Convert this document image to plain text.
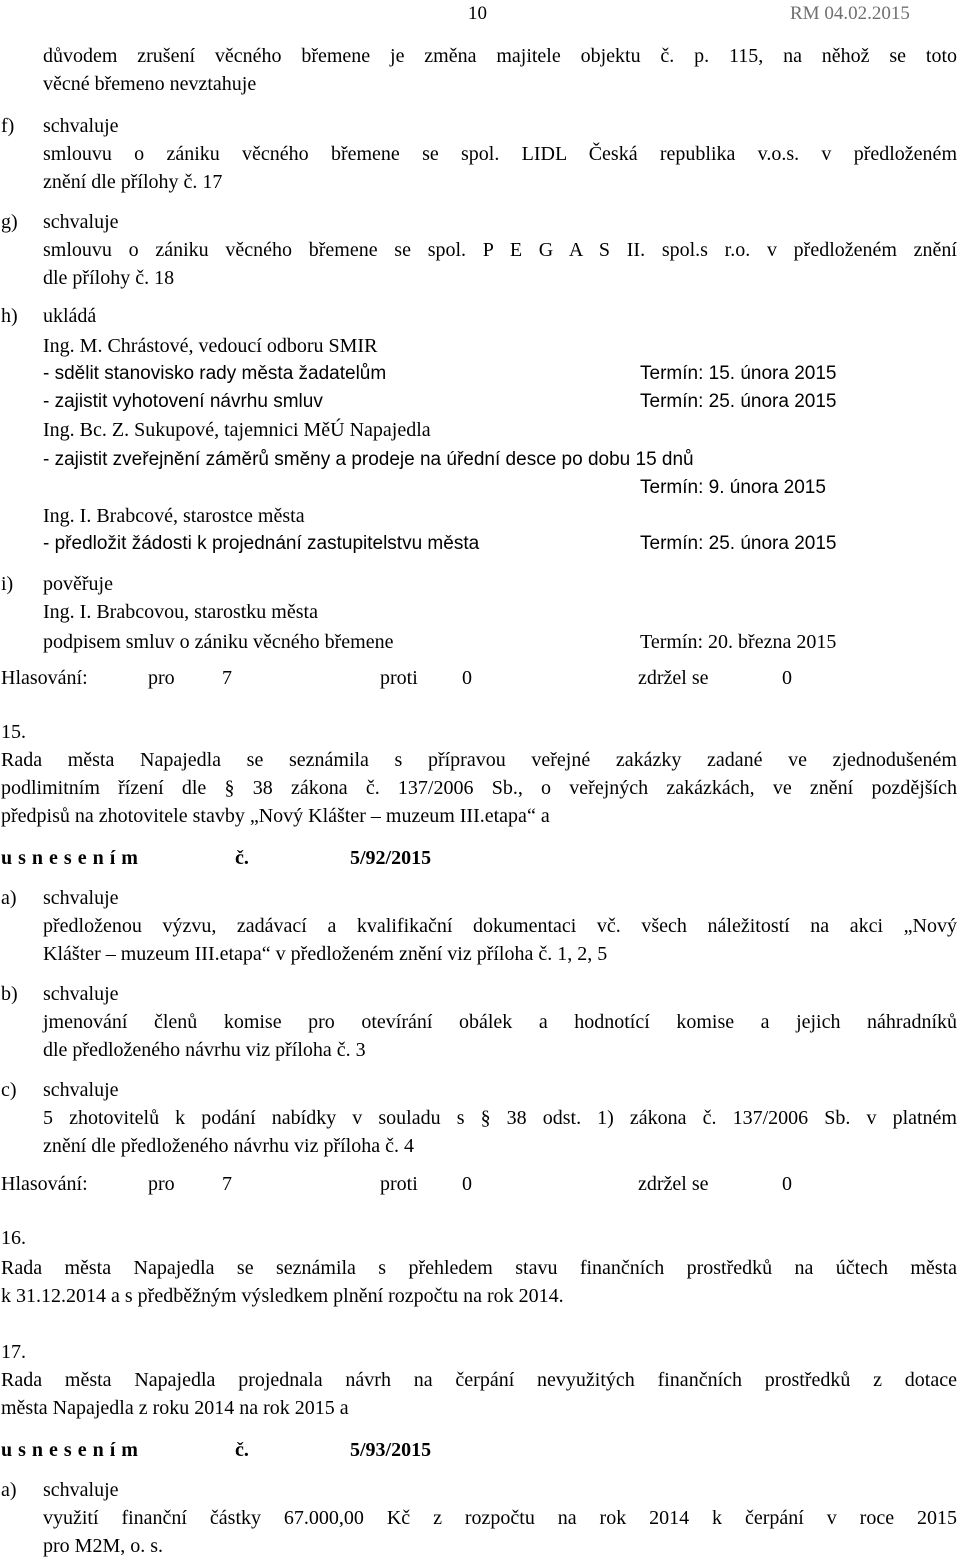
10	RM 04.02.2015
důvodem zrušení věcného břemene je změna majitele objektu č. p. 115, na něhož se toto
věcné břemeno nevztahuje
f) schvaluje
smlouvu o zániku věcného břemene se spol. LIDL Česká republika v.o.s. v předloženém
znění dle přílohy č. 17
g) schvaluje
smlouvu o zániku věcného břemene se spol. P E G A S II. spol.s r.o. v předloženém znění
dle přílohy č. 18
h) ukládá
Ing. M. Chrástové, vedoucí odboru SMIR
- sdělit stanovisko rady města žadatelům	Termín: 15. února 2015
- zajistit vyhotovení návrhu smluv	Termín: 25. února 2015
Ing. Bc. Z. Sukupové, tajemnici MěÚ Napajedla
- zajistit zveřejnění záměrů směny a prodeje na úřední desce po dobu 15 dnů
Termín: 9. února 2015
Ing. I. Brabcové, starostce města
- předložit žádosti k projednání zastupitelstvu města	Termín: 25. února 2015
i) pověřuje
Ing. I. Brabcovou, starostku města
podpisem smluv o zániku věcného břemene	Termín: 20. března 2015
Hlasování:	pro 7	proti 0	zdržel se	0
15.
Rada města Napajedla se seznámila s přípravou veřejné zakázky zadané ve zjednodušeném
podlimitním řízení dle § 38 zákona č. 137/2006 Sb., o veřejných zakázkách, ve znění pozdějších
předpisů na zhotovitele stavby „Nový Klášter – muzeum III.etapa“ a
usnesením	č.	5/92/2015
a) schvaluje
předloženou výzvu, zadávací a kvalifikační dokumentaci vč. všech náležitostí na akci „Nový
Klášter – muzeum III.etapa“ v předloženém znění viz příloha č. 1, 2, 5
b) schvaluje
jmenování členů komise pro otevírání obálek a hodnotící komise a jejich náhradníků
dle předloženého návrhu viz příloha č. 3
c) schvaluje
5 zhotovitelů k podání nabídky v souladu s § 38 odst. 1) zákona č. 137/2006 Sb. v platném
znění dle předloženého návrhu viz příloha č. 4
Hlasování:	pro 7	proti 0	zdržel se	0
16.
Rada města Napajedla se seznámila s přehledem stavu finančních prostředků na účtech města
k 31.12.2014 a s předběžným výsledkem plnění rozpočtu na rok 2014.
17.
Rada města Napajedla projednala návrh na čerpání nevyužitých finančních prostředků z dotace
města Napajedla z roku 2014 na rok 2015 a
usnesením	č.	5/93/2015
a) schvaluje
využití finanční částky 67.000,00 Kč z rozpočtu na rok 2014 k čerpání v roce 2015
pro M2M, o. s.
